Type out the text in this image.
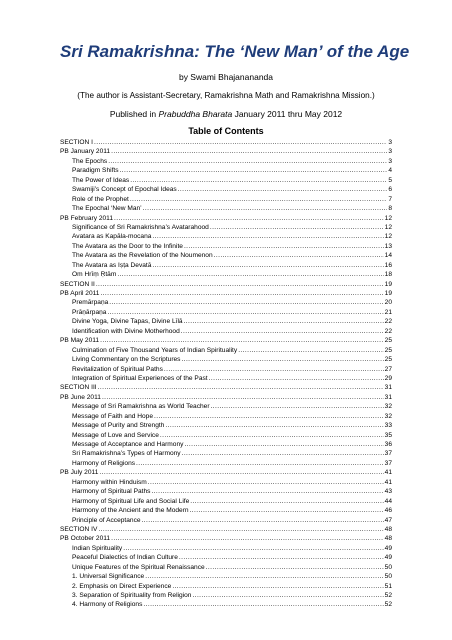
Sri Ramakrishna: The ‘New Man’ of the Age

by Swami Bhajanananda

(The author is Assistant-Secretary, Ramakrishna Math and Ramakrishna Mission.)

Published in Prabuddha Bharata January 2011 thru May 2012

Table of Contents
SECTION I .....	3
PB January 2011 .....	3
The Epochs .....	3
Paradigm Shifts .....	4
The Power of Ideas .....	5
Swamiji’s Concept of Epochal Ideas .....	6
Role of the Prophet .....	7
The Epochal ‘New Man’ .....	8
PB February 2011 .....	12
Significance of Sri Ramakrishna’s Avatarahood .....	12
Avatara as Kapāla-mocana .....	12
The Avatara as the Door to the Infinite .....	13
The Avatara as the Revelation of the Noumenon .....	14
The Avatara as Iṣṭa Devatā .....	16
Om Hrīṃ Ṛtām .....	18
SECTION II .....	19
PB April 2011 .....	19
Premārpaṇa .....	20
Prāṇārpaṇa .....	21
Divine Yoga, Divine Tapas, Divine Līlā .....	22
Identification with Divine Motherhood .....	22
PB May 2011 .....	25
Culmination of Five Thousand Years of Indian Spirituality .....	25
Living Commentary on the Scriptures .....	25
Revitalization of Spiritual Paths .....	27
Integration of Spiritual Experiences of the Past .....	29
SECTION III .....	31
PB June 2011 .....	31
Message of Sri Ramakrishna as World Teacher .....	32
Message of Faith and Hope .....	32
Message of Purity and Strength .....	33
Message of Love and Service .....	35
Message of Acceptance and Harmony .....	36
Sri Ramakrishna’s Types of Harmony .....	37
Harmony of Religions .....	37
PB July 2011 .....	41
Harmony within Hinduism .....	41
Harmony of Spiritual Paths .....	43
Harmony of Spiritual Life and Social Life .....	44
Harmony of the Ancient and the Modern .....	46
Principle of Acceptance .....	47
SECTION IV .....	48
PB October 2011 .....	48
Indian Spirituality .....	49
Peaceful Dialectics of Indian Culture .....	49
Unique Features of the Spiritual Renaissance .....	50
1. Universal Significance .....	50
2. Emphasis on Direct Experience .....	51
3. Separation of Spirituality from Religion .....	52
4. Harmony of Religions .....	52
